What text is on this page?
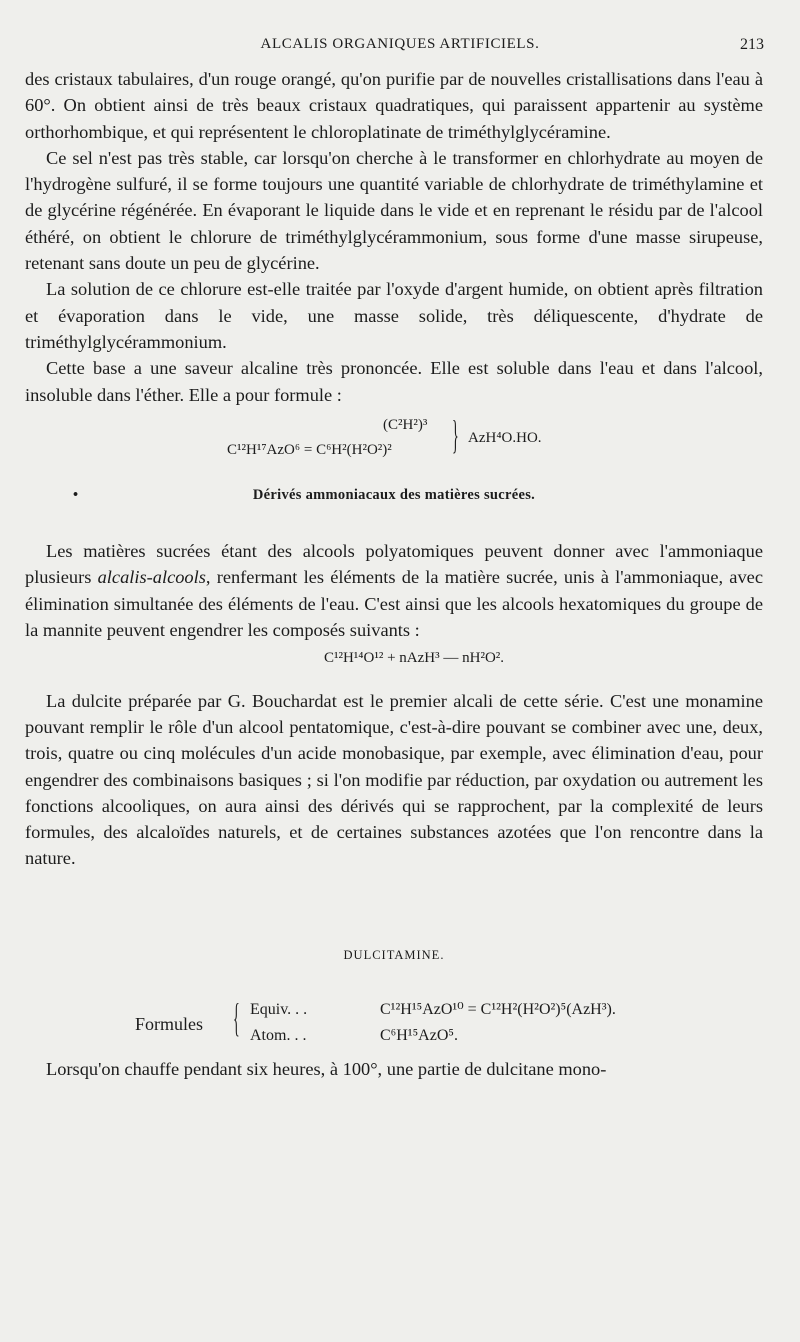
ALCALIS ORGANIQUES ARTIFICIELS.	213

des cristaux tabulaires, d'un rouge orangé, qu'on purifie par de nouvelles cristallisations dans l'eau à 60°. On obtient ainsi de très beaux cristaux quadratiques, qui paraissent appartenir au système orthorhombique, et qui représentent le chloroplatinate de triméthylglycéramine.

Ce sel n'est pas très stable, car lorsqu'on cherche à le transformer en chlorhydrate au moyen de l'hydrogène sulfuré, il se forme toujours une quantité variable de chlorhydrate de triméthylamine et de glycérine régénérée. En évaporant le liquide dans le vide et en reprenant le résidu par de l'alcool éthéré, on obtient le chlorure de triméthylglycérammonium, sous forme d'une masse sirupeuse, retenant sans doute un peu de glycérine.

La solution de ce chlorure est-elle traitée par l'oxyde d'argent humide, on obtient après filtration et évaporation dans le vide, une masse solide, très déliquescente, d'hydrate de triméthylglycérammonium.

Cette base a une saveur alcaline très prononcée. Elle est soluble dans l'eau et dans l'alcool, insoluble dans l'éther. Elle a pour formule :

(C²H²)³
C¹²H¹⁷AzO⁶ = C⁶H²(H²O²)² } AzH⁴O.HO.
•	Dérivés ammoniacaux des matières sucrées.

Les matières sucrées étant des alcools polyatomiques peuvent donner avec l'ammoniaque plusieurs alcalis-alcools, renfermant les éléments de la matière sucrée, unis à l'ammoniaque, avec élimination simultanée des éléments de l'eau. C'est ainsi que les alcools hexatomiques du groupe de la mannite peuvent engendrer les composés suivants :

C¹²H¹⁴O¹² + nAzH³ — nH²O².

La dulcite préparée par G. Bouchardat est le premier alcali de cette série. C'est une monamine pouvant remplir le rôle d'un alcool pentatomique, c'est-à-dire pouvant se combiner avec une, deux, trois, quatre ou cinq molécules d'un acide monobasique, par exemple, avec élimination d'eau, pour engendrer des combinaisons basiques ; si l'on modifie par réduction, par oxydation ou autrement les fonctions alcooliques, on aura ainsi des dérivés qui se rapprochent, par la complexité de leurs formules, des alcaloïdes naturels, et de certaines substances azotées que l'on rencontre dans la nature.

DULCITAMINE.
Formules { Equiv. . .	C¹²H¹⁵AzO¹⁰ = C¹²H²(H²O²)⁵(AzH³).
Atom. . .	C⁶H¹⁵AzO⁵.

Lorsqu'on chauffe pendant six heures, à 100°, une partie de dulcitane mono-
